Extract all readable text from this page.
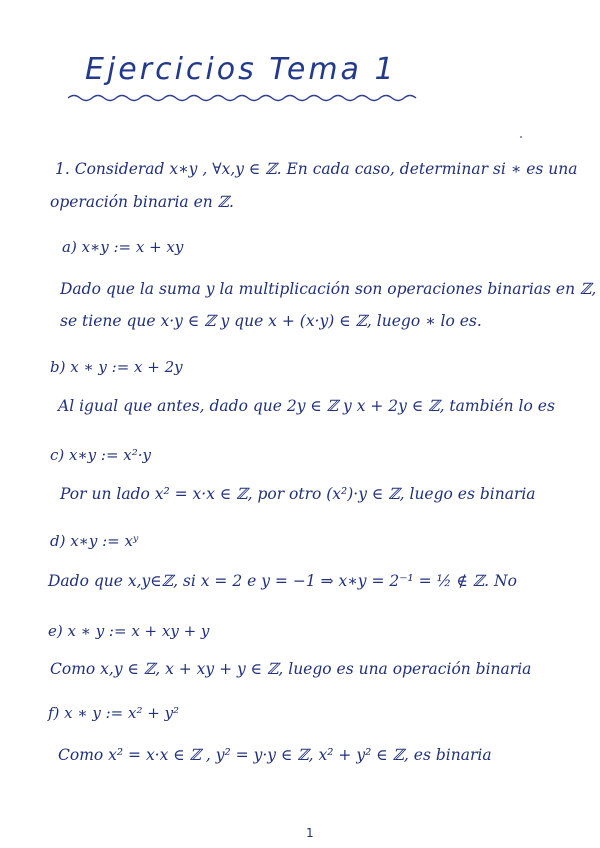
Ejercicios Tema 1
1. Considerad x∗y , ∀x,y ∈ ℤ. En cada caso, determinar si ∗ es una
operación binaria en ℤ.
a) x∗y := x + xy
Dado que la suma y la multiplicación son operaciones binarias en ℤ,
se tiene que x·y ∈ ℤ y que x + (x·y) ∈ ℤ, luego ∗ lo es.
b) x ∗ y := x + 2y
Al igual que antes, dado que 2y ∈ ℤ y x + 2y ∈ ℤ, también lo es
c) x∗y := x²·y
Por un lado x² = x·x ∈ ℤ, por otro (x²)·y ∈ ℤ, luego es binaria
d) x∗y := xʸ
Dado que x,y∈ℤ, si x = 2 e y = −1 ⇒ x∗y = 2⁻¹ = ½ ∉ ℤ. No
e) x ∗ y := x + xy + y
Como x,y ∈ ℤ, x + xy + y ∈ ℤ, luego es una operación binaria
f) x ∗ y := x² + y²
Como x² = x·x ∈ ℤ , y² = y·y ∈ ℤ, x² + y² ∈ ℤ, es binaria
1
